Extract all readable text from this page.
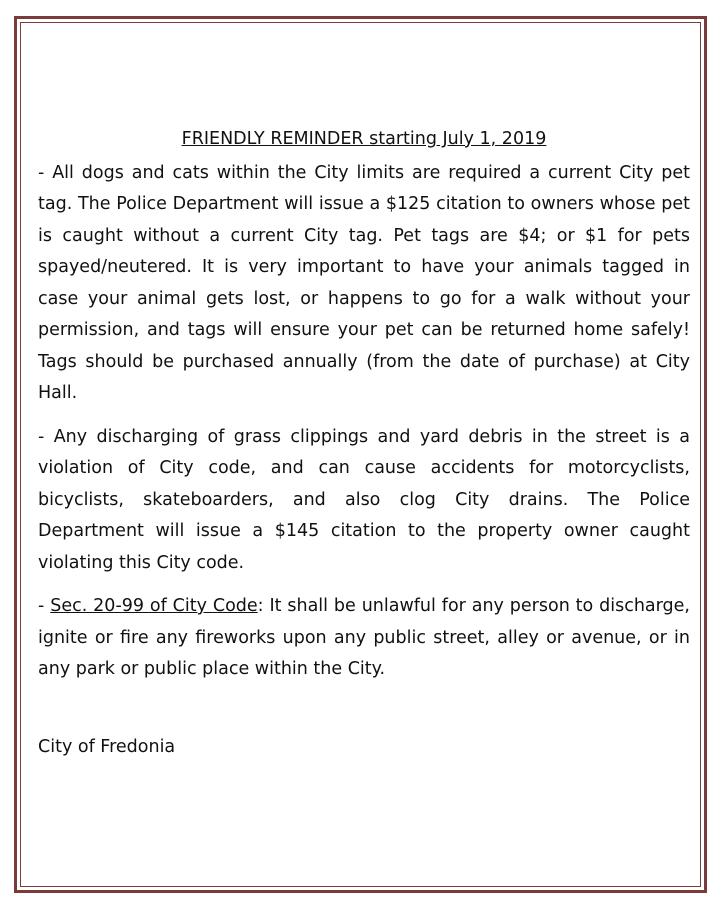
FRIENDLY REMINDER starting July 1, 2019

- All dogs and cats within the City limits are required a current City pet tag. The Police Department will issue a $125 citation to owners whose pet is caught without a current City tag. Pet tags are $4; or $1 for pets spayed/neutered. It is very important to have your animals tagged in case your animal gets lost, or happens to go for a walk without your permission, and tags will ensure your pet can be returned home safely! Tags should be purchased annually (from the date of purchase) at City Hall.

- Any discharging of grass clippings and yard debris in the street is a violation of City code, and can cause accidents for motorcyclists, bicyclists, skateboarders, and also clog City drains. The Police Department will issue a $145 citation to the property owner caught violating this City code.

- Sec. 20-99 of City Code: It shall be unlawful for any person to discharge, ignite or fire any fireworks upon any public street, alley or avenue, or in any park or public place within the City.

City of Fredonia
